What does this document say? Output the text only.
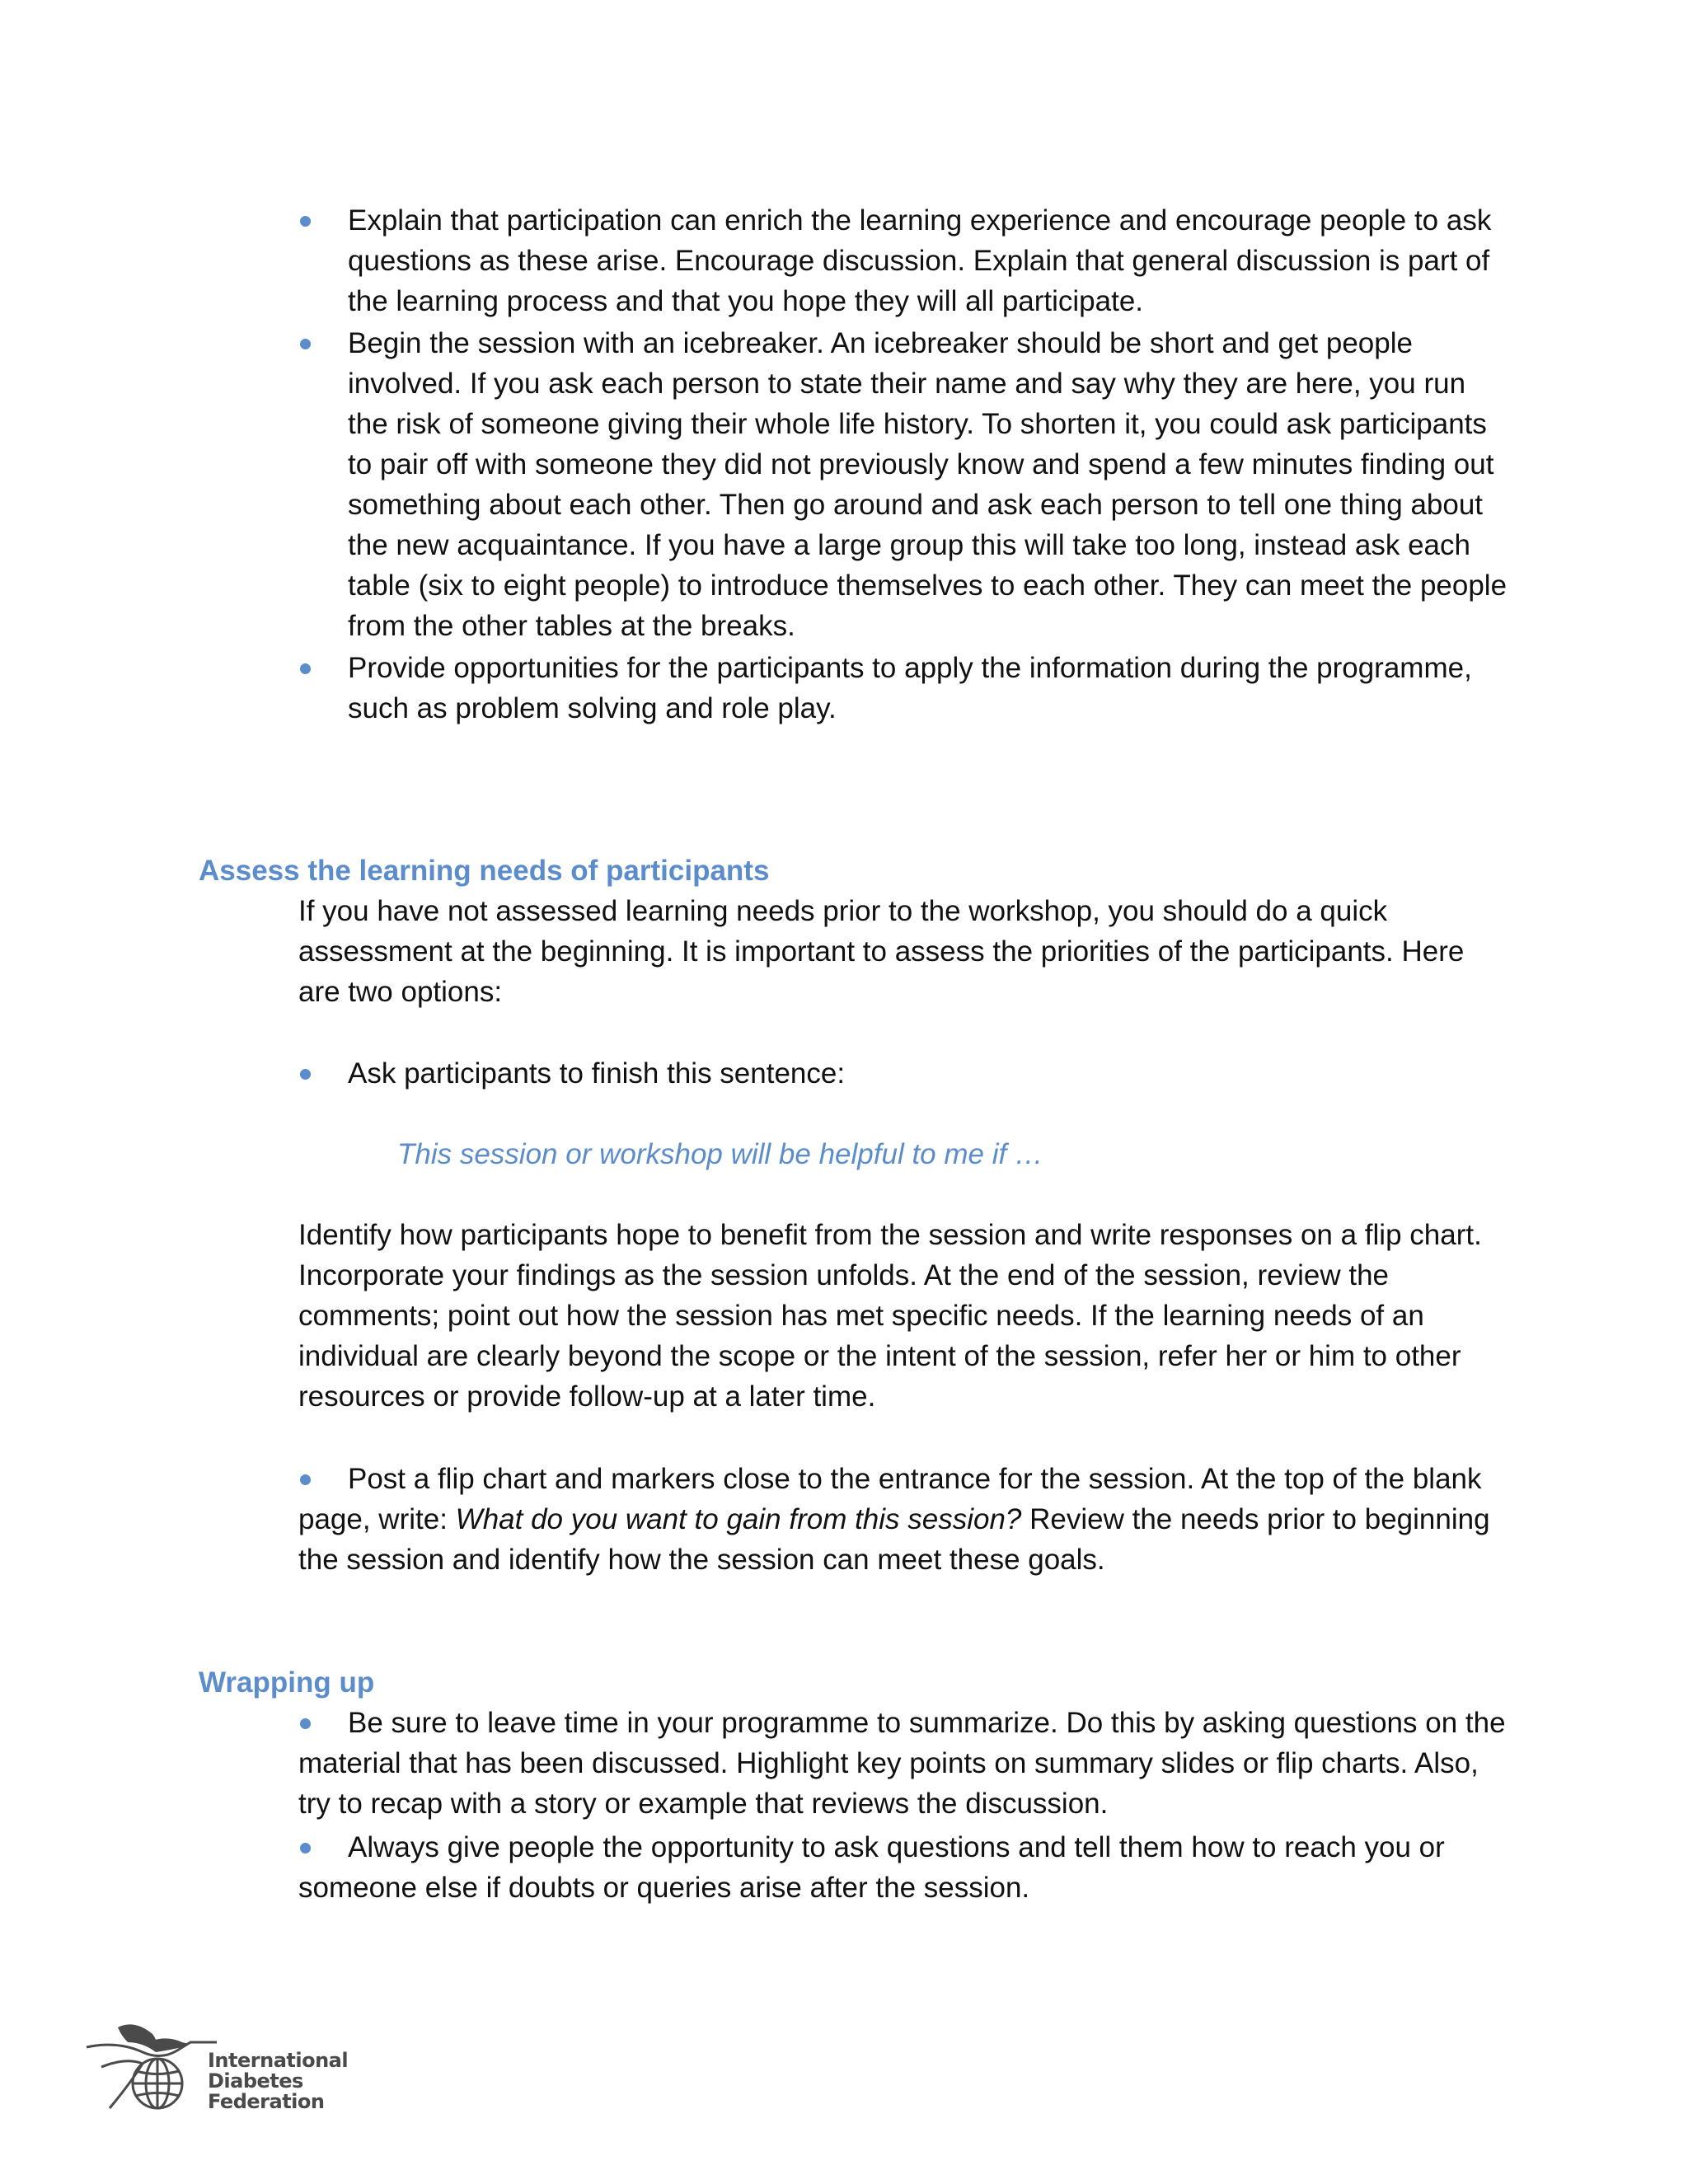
Explain that participation can enrich the learning experience and encourage people to ask questions as these arise. Encourage discussion. Explain that general discussion is part of the learning process and that you hope they will all participate.

Begin the session with an icebreaker. An icebreaker should be short and get people involved. If you ask each person to state their name and say why they are here, you run the risk of someone giving their whole life history. To shorten it, you could ask participants to pair off with someone they did not previously know and spend a few minutes finding out something about each other. Then go around and ask each person to tell one thing about the new acquaintance. If you have a large group this will take too long, instead ask each table (six to eight people) to introduce themselves to each other. They can meet the people from the other tables at the breaks.

Provide opportunities for the participants to apply the information during the programme, such as problem solving and role play.

Assess the learning needs of participants

If you have not assessed learning needs prior to the workshop, you should do a quick assessment at the beginning. It is important to assess the priorities of the participants. Here are two options:

Ask participants to finish this sentence:

This session or workshop will be helpful to me if …

Identify how participants hope to benefit from the session and write responses on a flip chart. Incorporate your findings as the session unfolds. At the end of the session, review the comments; point out how the session has met specific needs. If the learning needs of an individual are clearly beyond the scope or the intent of the session, refer her or him to other resources or provide follow-up at a later time.

Post a flip chart and markers close to the entrance for the session. At the top of the blank page, write: What do you want to gain from this session? Review the needs prior to beginning the session and identify how the session can meet these goals.

Wrapping up

Be sure to leave time in your programme to summarize. Do this by asking questions on the material that has been discussed. Highlight key points on summary slides or flip charts. Also, try to recap with a story or example that reviews the discussion.

Always give people the opportunity to ask questions and tell them how to reach you or someone else if doubts or queries arise after the session.

International
Diabetes
Federation
